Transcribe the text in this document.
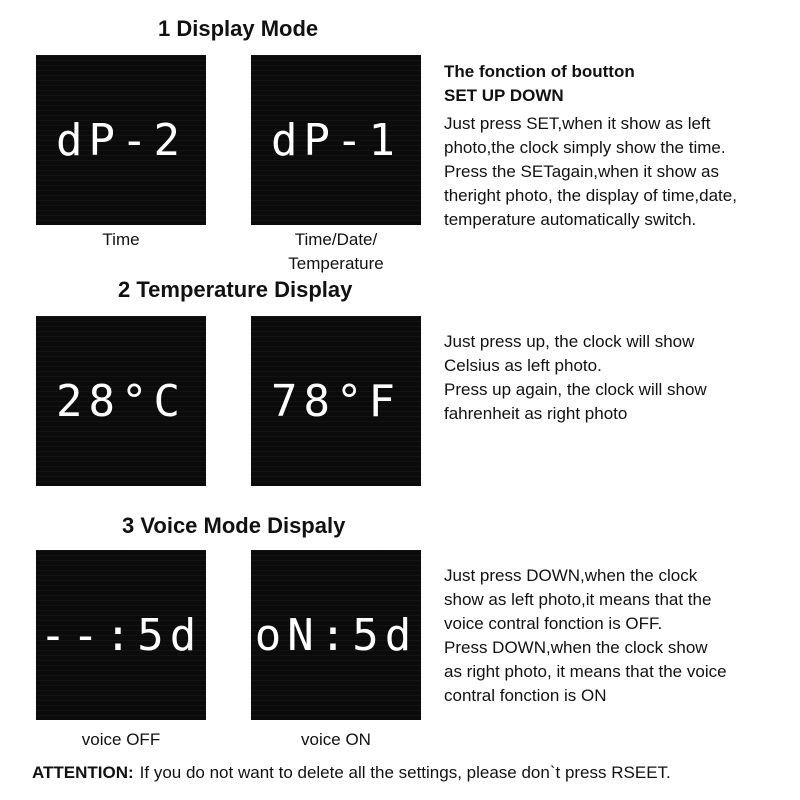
1 Display Mode
dP-2 dP-1
Time	Time/Date/
Temperature

The fonction of boutton

SET UP DOWN

Just press SET,when it show as left

photo,the clock simply show the time.

Press the SETagain,when it show as

theright photo, the display of time,date,

temperature automatically switch.

2 Temperature Display
28°C 78°F

Just press up, the clock will show

Celsius as left photo.

Press up again, the clock will show

fahrenheit as right photo

3 Voice Mode Dispaly
--:5d oN:5d
voice OFF	voice ON

Just press DOWN,when the clock

show as left photo,it means that the

voice contral fonction is OFF.

Press DOWN,when the clock show

as right photo, it means that the voice

contral fonction is ON

ATTENTION: If you do not want to delete all the settings, please don`t press RSEET.
